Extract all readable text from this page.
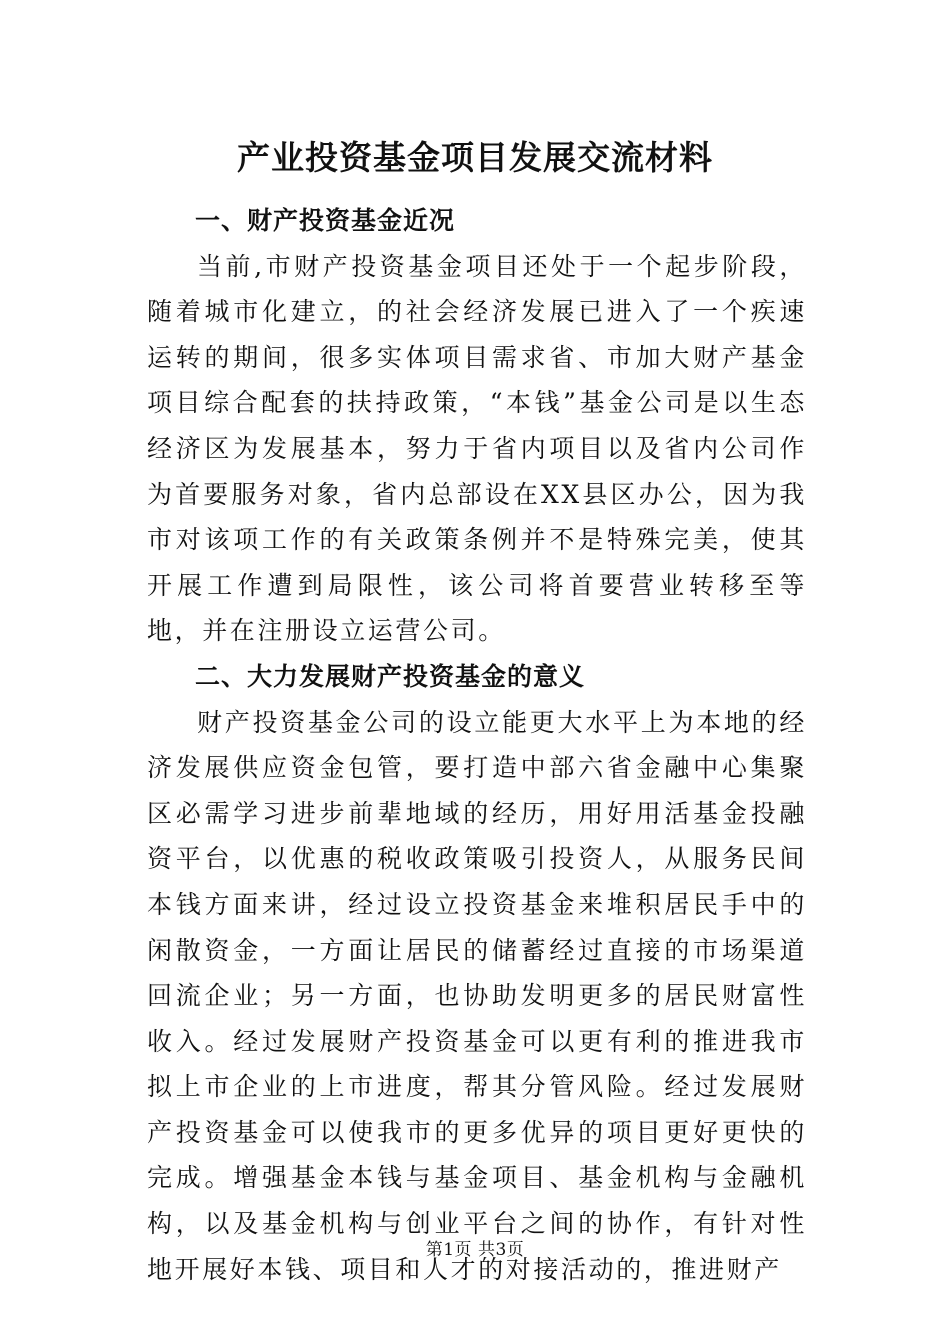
产业投资基金项目发展交流材料

一、财产投资基金近况

当前,市财产投资基金项目还处于一个起步阶段，随着城市化建立，的社会经济发展已进入了一个疾速运转的期间，很多实体项目需求省、市加大财产基金项目综合配套的扶持政策，“本钱”基金公司是以生态经济区为发展基本，努力于省内项目以及省内公司作为首要服务对象，省内总部设在XX县区办公，因为我市对该项工作的有关政策条例并不是特殊完美，使其开展工作遭到局限性，该公司将首要营业转移至等地，并在注册设立运营公司。

二、大力发展财产投资基金的意义

财产投资基金公司的设立能更大水平上为本地的经济发展供应资金包管，要打造中部六省金融中心集聚区必需学习进步前辈地域的经历，用好用活基金投融资平台，以优惠的税收政策吸引投资人，从服务民间本钱方面来讲，经过设立投资基金来堆积居民手中的闲散资金，一方面让居民的储蓄经过直接的市场渠道回流企业；另一方面，也协助发明更多的居民财富性收入。经过发展财产投资基金可以更有利的推进我市拟上市企业的上市进度，帮其分管风险。经过发展财产投资基金可以使我市的更多优异的项目更好更快的完成。增强基金本钱与基金项目、基金机构与金融机构，以及基金机构与创业平台之间的协作，有针对性地开展好本钱、项目和人才的对接活动的，推进财产

第1页 共3页
